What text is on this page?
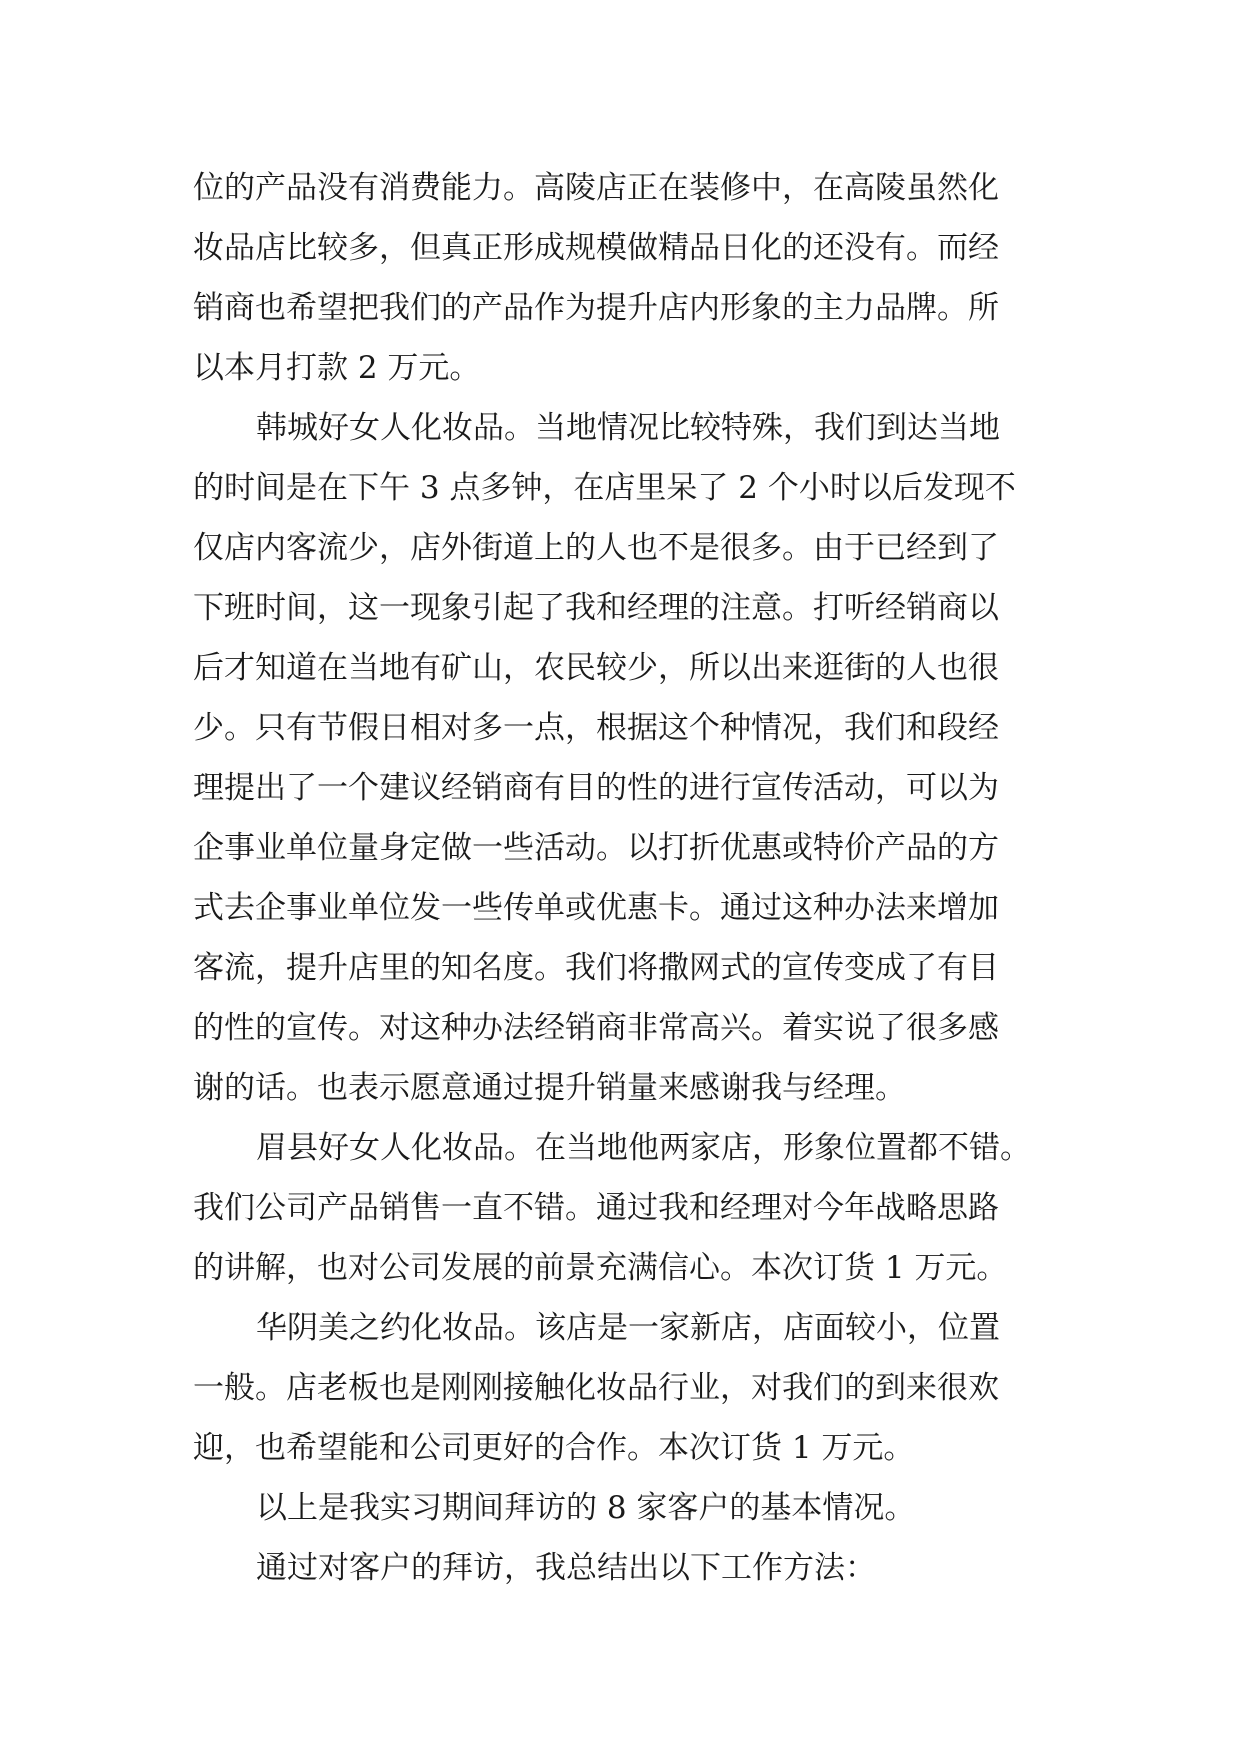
位的产品没有消费能力。高陵店正在装修中，在高陵虽然化

妆品店比较多，但真正形成规模做精品日化的还没有。而经

销商也希望把我们的产品作为提升店内形象的主力品牌。所

以本月打款 2 万元。

韩城好女人化妆品。当地情况比较特殊，我们到达当地

的时间是在下午 3 点多钟，在店里呆了 2 个小时以后发现不

仅店内客流少，店外街道上的人也不是很多。由于已经到了

下班时间，这一现象引起了我和经理的注意。打听经销商以

后才知道在当地有矿山，农民较少，所以出来逛街的人也很

少。只有节假日相对多一点，根据这个种情况，我们和段经

理提出了一个建议经销商有目的性的进行宣传活动，可以为

企事业单位量身定做一些活动。以打折优惠或特价产品的方

式去企事业单位发一些传单或优惠卡。通过这种办法来增加

客流，提升店里的知名度。我们将撒网式的宣传变成了有目

的性的宣传。对这种办法经销商非常高兴。着实说了很多感

谢的话。也表示愿意通过提升销量来感谢我与经理。

眉县好女人化妆品。在当地他两家店，形象位置都不错。

我们公司产品销售一直不错。通过我和经理对今年战略思路

的讲解，也对公司发展的前景充满信心。本次订货 1 万元。

华阴美之约化妆品。该店是一家新店，店面较小，位置

一般。店老板也是刚刚接触化妆品行业，对我们的到来很欢

迎，也希望能和公司更好的合作。本次订货 1 万元。

以上是我实习期间拜访的 8 家客户的基本情况。

通过对客户的拜访，我总结出以下工作方法：
